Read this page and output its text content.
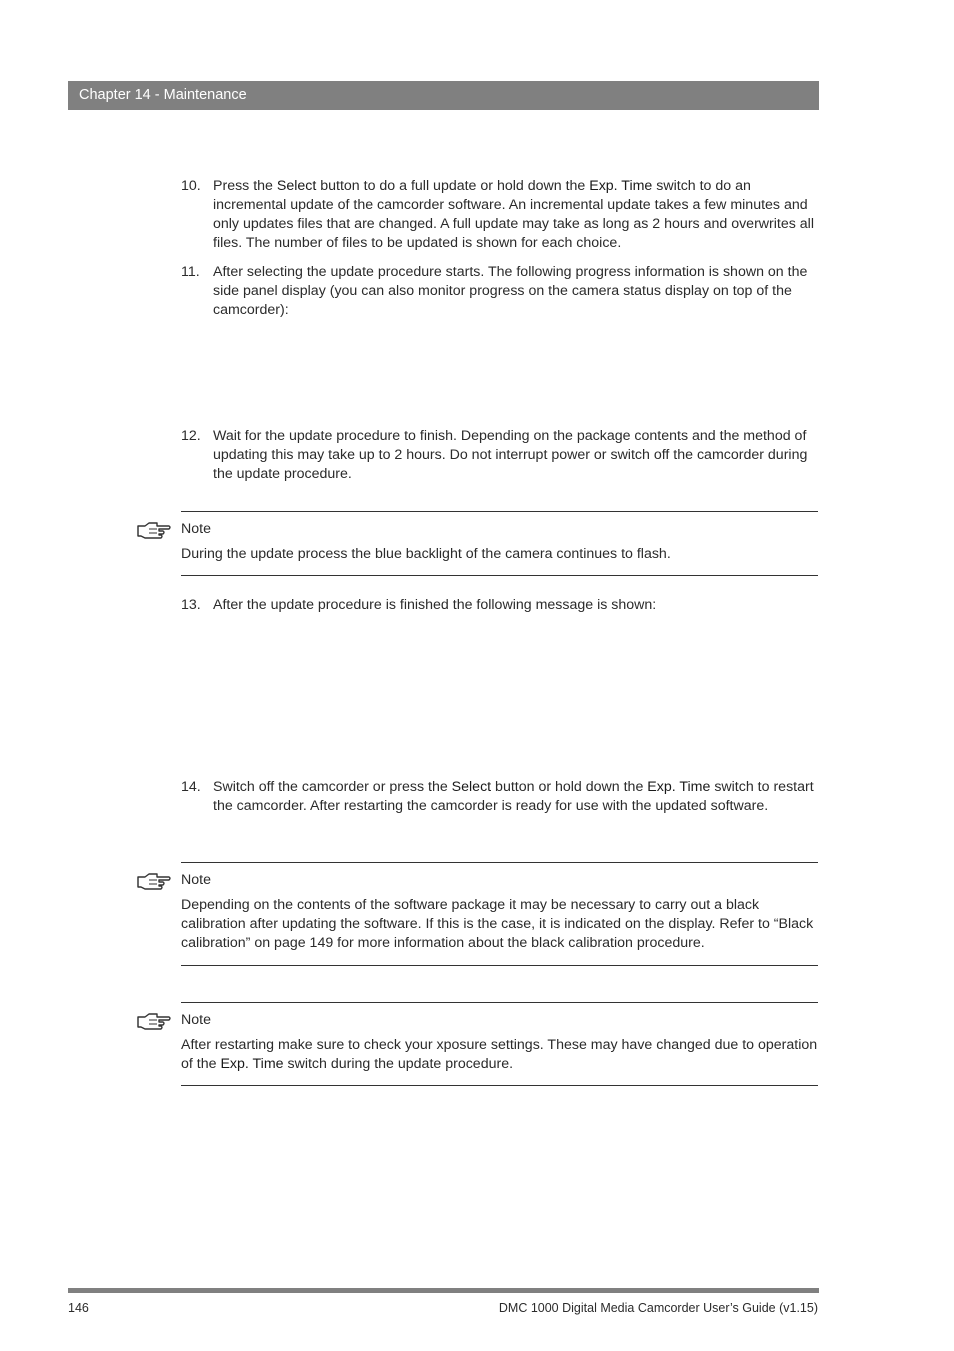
Chapter 14 - Maintenance
10. Press the Select button to do a full update or hold down the Exp. Time switch to do an incremental update of the camcorder software. An incremental update takes a few minutes and only updates files that are changed. A full update may take as long as 2 hours and overwrites all files. The number of files to be updated is shown for each choice.
11. After selecting the update procedure starts. The following progress information is shown on the side panel display (you can also monitor progress on the camera status display on top of the camcorder):
12. Wait for the update procedure to finish. Depending on the package contents and the method of updating this may take up to 2 hours. Do not interrupt power or switch off the camcorder during the update procedure.
Note
During the update process the blue backlight of the camera continues to flash.
13. After the update procedure is finished the following message is shown:
14. Switch off the camcorder or press the Select button or hold down the Exp. Time switch to restart the camcorder. After restarting the camcorder is ready for use with the updated software.
Note
Depending on the contents of the software package it may be necessary to carry out a black calibration after updating the software. If this is the case, it is indicated on the display. Refer to “Black calibration” on page 149 for more information about the black calibration procedure.
Note
After restarting make sure to check your xposure settings. These may have changed due to operation of the Exp. Time switch during the update procedure.
146	DMC 1000 Digital Media Camcorder User’s Guide (v1.15)
